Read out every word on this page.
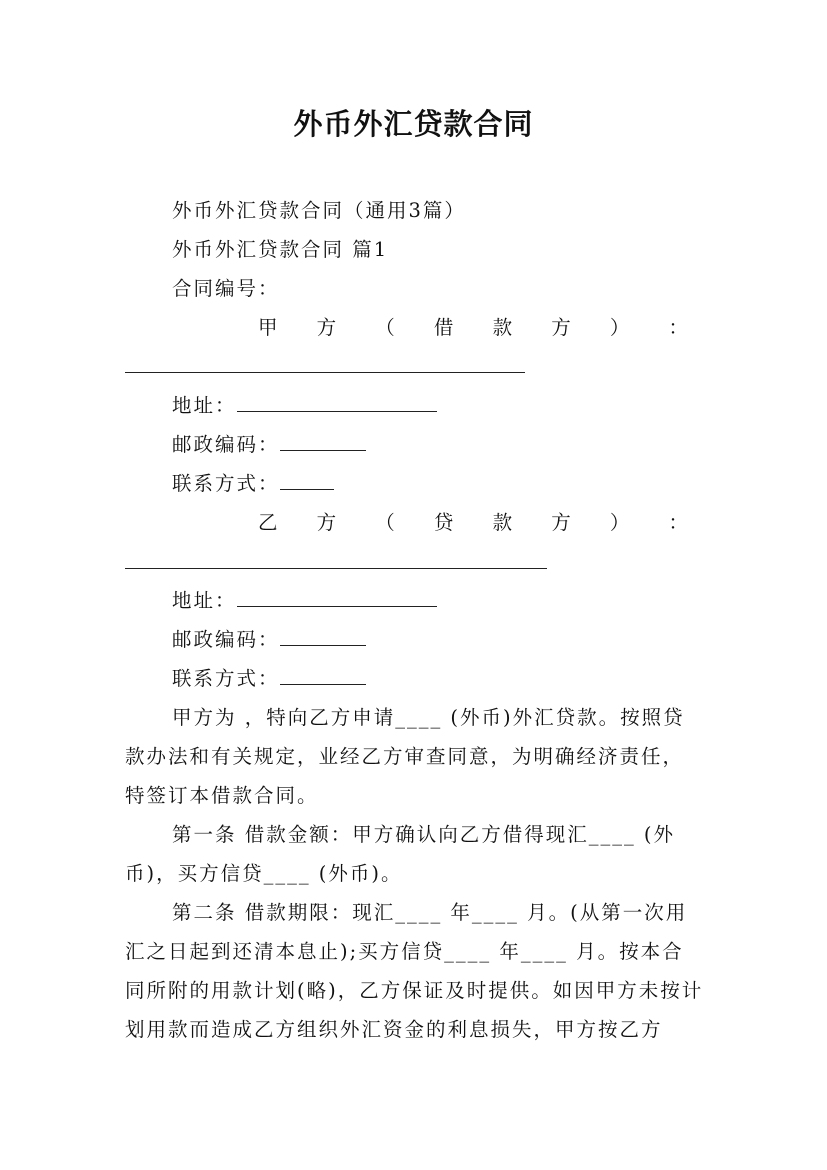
外币外汇贷款合同
外币外汇贷款合同（通用3篇）
外币外汇贷款合同 篇1
合同编号：
甲 方 （ 借 款 方 ） ：
地址：
邮政编码：
联系方式：
乙 方 （ 贷 款 方 ） ：
地址：
邮政编码：
联系方式：
甲方为 ，特向乙方申请____ (外币)外汇贷款。按照贷款办法和有关规定，业经乙方审查同意，为明确经济责任，特签订本借款合同。
第一条 借款金额：甲方确认向乙方借得现汇____ (外币)，买方信贷____ (外币)。
第二条 借款期限：现汇____ 年____ 月。(从第一次用汇之日起到还清本息止);买方信贷____ 年____ 月。按本合同所附的用款计划(略)，乙方保证及时提供。如因甲方未按计划用款而造成乙方组织外汇资金的利息损失，甲方按乙方
